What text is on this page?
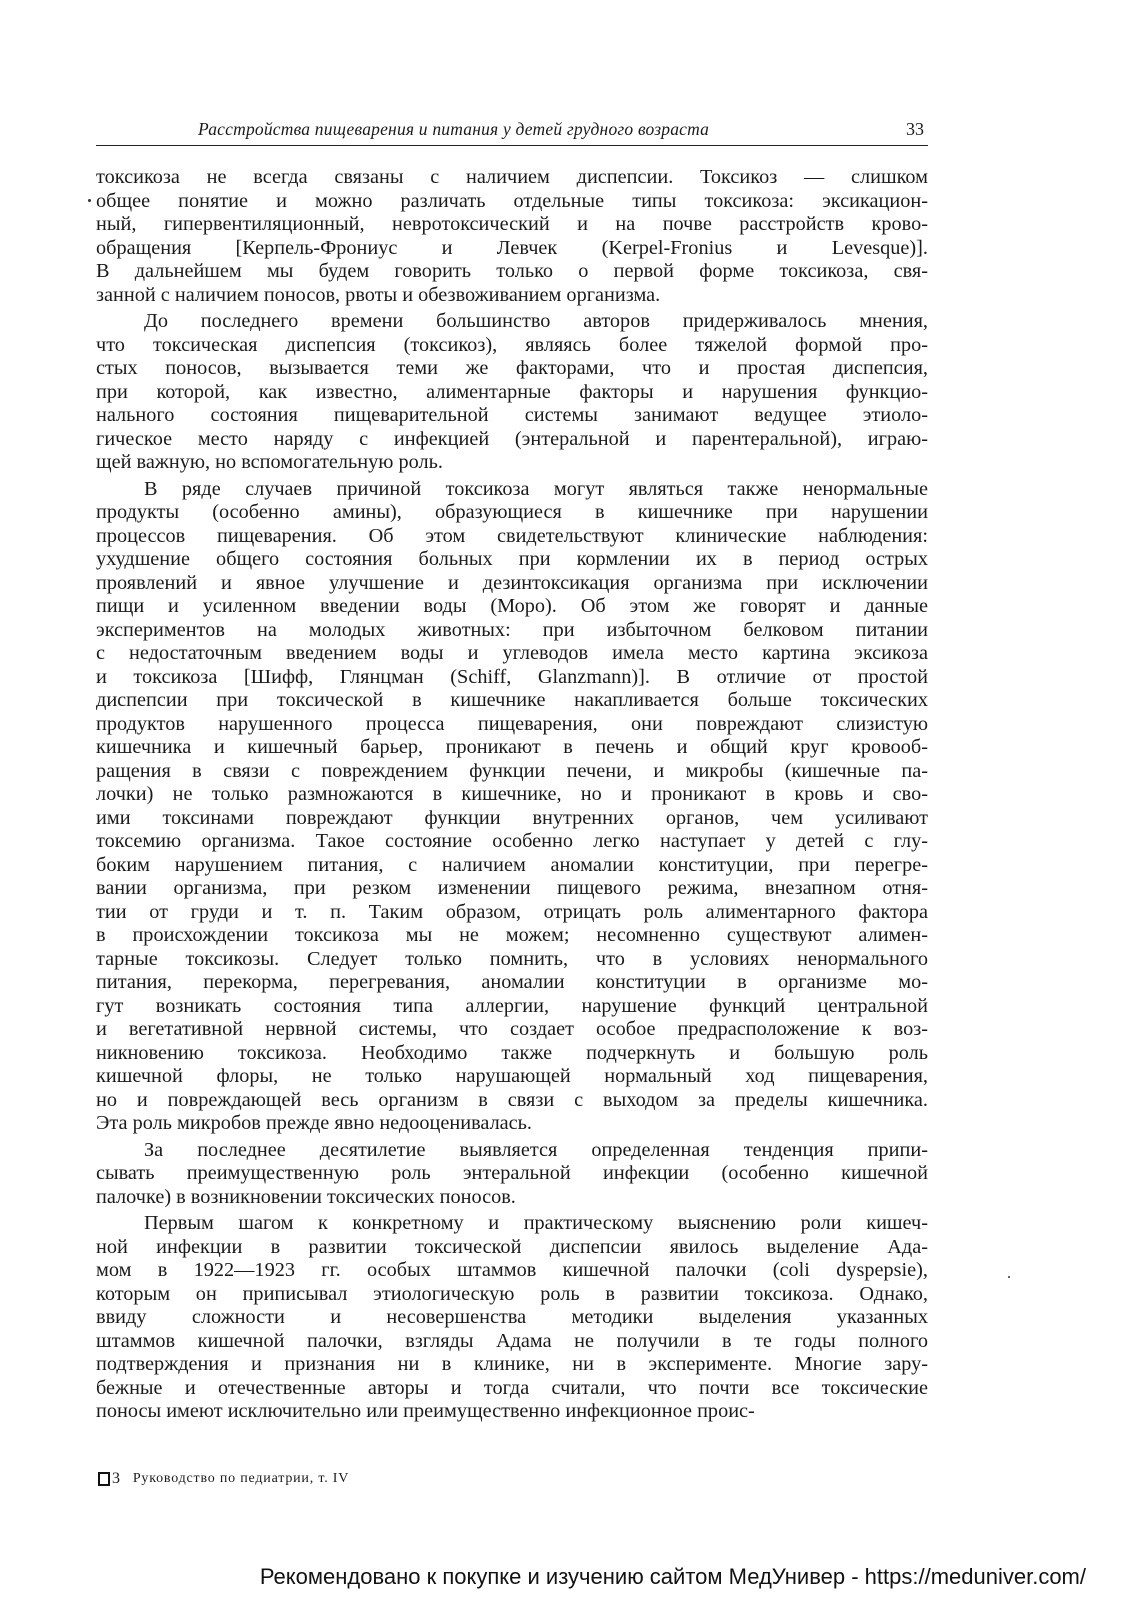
Расстройства пищеварения и питания у детей грудного возраста	33
токсикоза не всегда связаны с наличием диспепсии. Токсикоз — слишком
общее понятие и можно различать отдельные типы токсикоза: эксикацион-
ный, гипервентиляционный, невротоксический и на почве расстройств крово-
обращения [Керпель-Фрониус и Левчек (Kerpel-Fronius и Levesque)].
В дальнейшем мы будем говорить только о первой форме токсикоза, свя-
занной с наличием поносов, рвоты и обезвоживанием организма.
До последнего времени большинство авторов придерживалось мнения,
что токсическая диспепсия (токсикоз), являясь более тяжелой формой про-
стых поносов, вызывается теми же факторами, что и простая диспепсия,
при которой, как известно, алиментарные факторы и нарушения функцио-
нального состояния пищеварительной системы занимают ведущее этиоло-
гическое место наряду с инфекцией (энтеральной и парентеральной), играю-
щей важную, но вспомогательную роль.
В ряде случаев причиной токсикоза могут являться также ненормальные
продукты (особенно амины), образующиеся в кишечнике при нарушении
процессов пищеварения. Об этом свидетельствуют клинические наблюдения:
ухудшение общего состояния больных при кормлении их в период острых
проявлений и явное улучшение и дезинтоксикация организма при исключении
пищи и усиленном введении воды (Моро). Об этом же говорят и данные
экспериментов на молодых животных: при избыточном белковом питании
с недостаточным введением воды и углеводов имела место картина эксикоза
и токсикоза [Шифф, Глянцман (Schiff, Glanzmann)]. В отличие от простой
диспепсии при токсической в кишечнике накапливается больше токсических
продуктов нарушенного процесса пищеварения, они повреждают слизистую
кишечника и кишечный барьер, проникают в печень и общий круг кровооб-
ращения в связи с повреждением функции печени, и микробы (кишечные па-
лочки) не только размножаются в кишечнике, но и проникают в кровь и сво-
ими токсинами повреждают функции внутренних органов, чем усиливают
токсемию организма. Такое состояние особенно легко наступает у детей с глу-
боким нарушением питания, с наличием аномалии конституции, при перегре-
вании организма, при резком изменении пищевого режима, внезапном отня-
тии от груди и т. п. Таким образом, отрицать роль алиментарного фактора
в происхождении токсикоза мы не можем; несомненно существуют алимен-
тарные токсикозы. Следует только помнить, что в условиях ненормального
питания, перекорма, перегревания, аномалии конституции в организме мо-
гут возникать состояния типа аллергии, нарушение функций центральной
и вегетативной нервной системы, что создает особое предрасположение к воз-
никновению токсикоза. Необходимо также подчеркнуть и большую роль
кишечной флоры, не только нарушающей нормальный ход пищеварения,
но и повреждающей весь организм в связи с выходом за пределы кишечника.
Эта роль микробов прежде явно недооценивалась.
За последнее десятилетие выявляется определенная тенденция припи-
сывать преимущественную роль энтеральной инфекции (особенно кишечной
палочке) в возникновении токсических поносов.
Первым шагом к конкретному и практическому выяснению роли кишеч-
ной инфекции в развитии токсической диспепсии явилось выделение Ада-
мом в 1922—1923 гг. особых штаммов кишечной палочки (coli dyspepsie),
которым он приписывал этиологическую роль в развитии токсикоза. Однако,
ввиду сложности и несовершенства методики выделения указанных
штаммов кишечной палочки, взгляды Адама не получили в те годы полного
подтверждения и признания ни в клинике, ни в эксперименте. Многие зару-
бежные и отечественные авторы и тогда считали, что почти все токсические
поносы имеют исключительно или преимущественно инфекционное проис-
3 Руководство по педиатрии, т. IV
Рекомендовано к покупке и изучению сайтом МедУнивер - https://meduniver.com/
